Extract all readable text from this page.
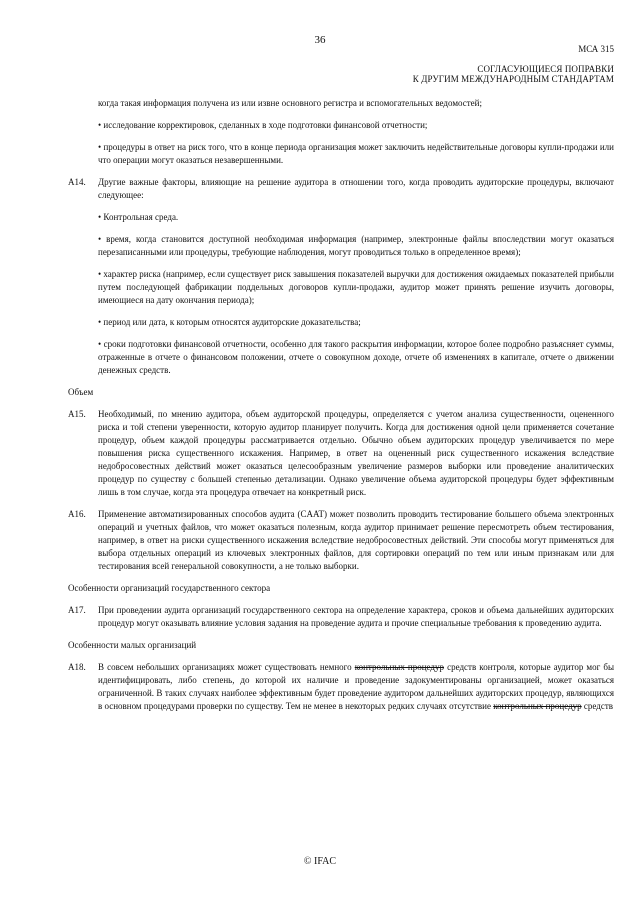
36
МСА 315
СОГЛАСУЮЩИЕСЯ ПОПРАВКИ
К ДРУГИМ МЕЖДУНАРОДНЫМ СТАНДАРТАМ
когда такая информация получена из или извне основного регистра и вспомогательных ведомостей;
• исследование корректировок, сделанных в ходе подготовки финансовой отчетности;
• процедуры в ответ на риск того, что в конце периода организация может заключить недействительные договоры купли-продажи или что операции могут оказаться незавершенными.
A14. Другие важные факторы, влияющие на решение аудитора в отношении того, когда проводить аудиторские процедуры, включают следующее:
• Контрольная среда.
• время, когда становится доступной необходимая информация (например, электронные файлы впоследствии могут оказаться перезаписанными или процедуры, требующие наблюдения, могут проводиться только в определенное время);
• характер риска (например, если существует риск завышения показателей выручки для достижения ожидаемых показателей прибыли путем последующей фабрикации поддельных договоров купли-продажи, аудитор может принять решение изучить договоры, имеющиеся на дату окончания периода);
• период или дата, к которым относятся аудиторские доказательства;
• сроки подготовки финансовой отчетности, особенно для такого раскрытия информации, которое более подробно разъясняет суммы, отраженные в отчете о финансовом положении, отчете о совокупном доходе, отчете об изменениях в капитале, отчете о движении денежных средств.
Объем
A15. Необходимый, по мнению аудитора, объем аудиторской процедуры, определяется с учетом анализа существенности, оцененного риска и той степени уверенности, которую аудитор планирует получить. Когда для достижения одной цели применяется сочетание процедур, объем каждой процедуры рассматривается отдельно. Обычно объем аудиторских процедур увеличивается по мере повышения риска существенного искажения. Например, в ответ на оцененный риск существенного искажения вследствие недобросовестных действий может оказаться целесообразным увеличение размеров выборки или проведение аналитических процедур по существу с большей степенью детализации. Однако увеличение объема аудиторской процедуры будет эффективным лишь в том случае, когда эта процедура отвечает на конкретный риск.
A16. Применение автоматизированных способов аудита (CAAT) может позволить проводить тестирование большего объема электронных операций и учетных файлов, что может оказаться полезным, когда аудитор принимает решение пересмотреть объем тестирования, например, в ответ на риски существенного искажения вследствие недобросовестных действий. Эти способы могут применяться для выбора отдельных операций из ключевых электронных файлов, для сортировки операций по тем или иным признакам или для тестирования всей генеральной совокупности, а не только выборки.
Особенности организаций государственного сектора
A17. При проведении аудита организаций государственного сектора на определение характера, сроков и объема дальнейших аудиторских процедур могут оказывать влияние условия задания на проведение аудита и прочие специальные требования к проведению аудита.
Особенности малых организаций
A18. В совсем небольших организациях может существовать немного контрольных процедур средств контроля, которые аудитор мог бы идентифицировать, либо степень, до которой их наличие и проведение задокументированы организацией, может оказаться ограниченной. В таких случаях наиболее эффективным будет проведение аудитором дальнейших аудиторских процедур, являющихся в основном процедурами проверки по существу. Тем не менее в некоторых редких случаях отсутствие контрольных процедур средств
© IFAC
